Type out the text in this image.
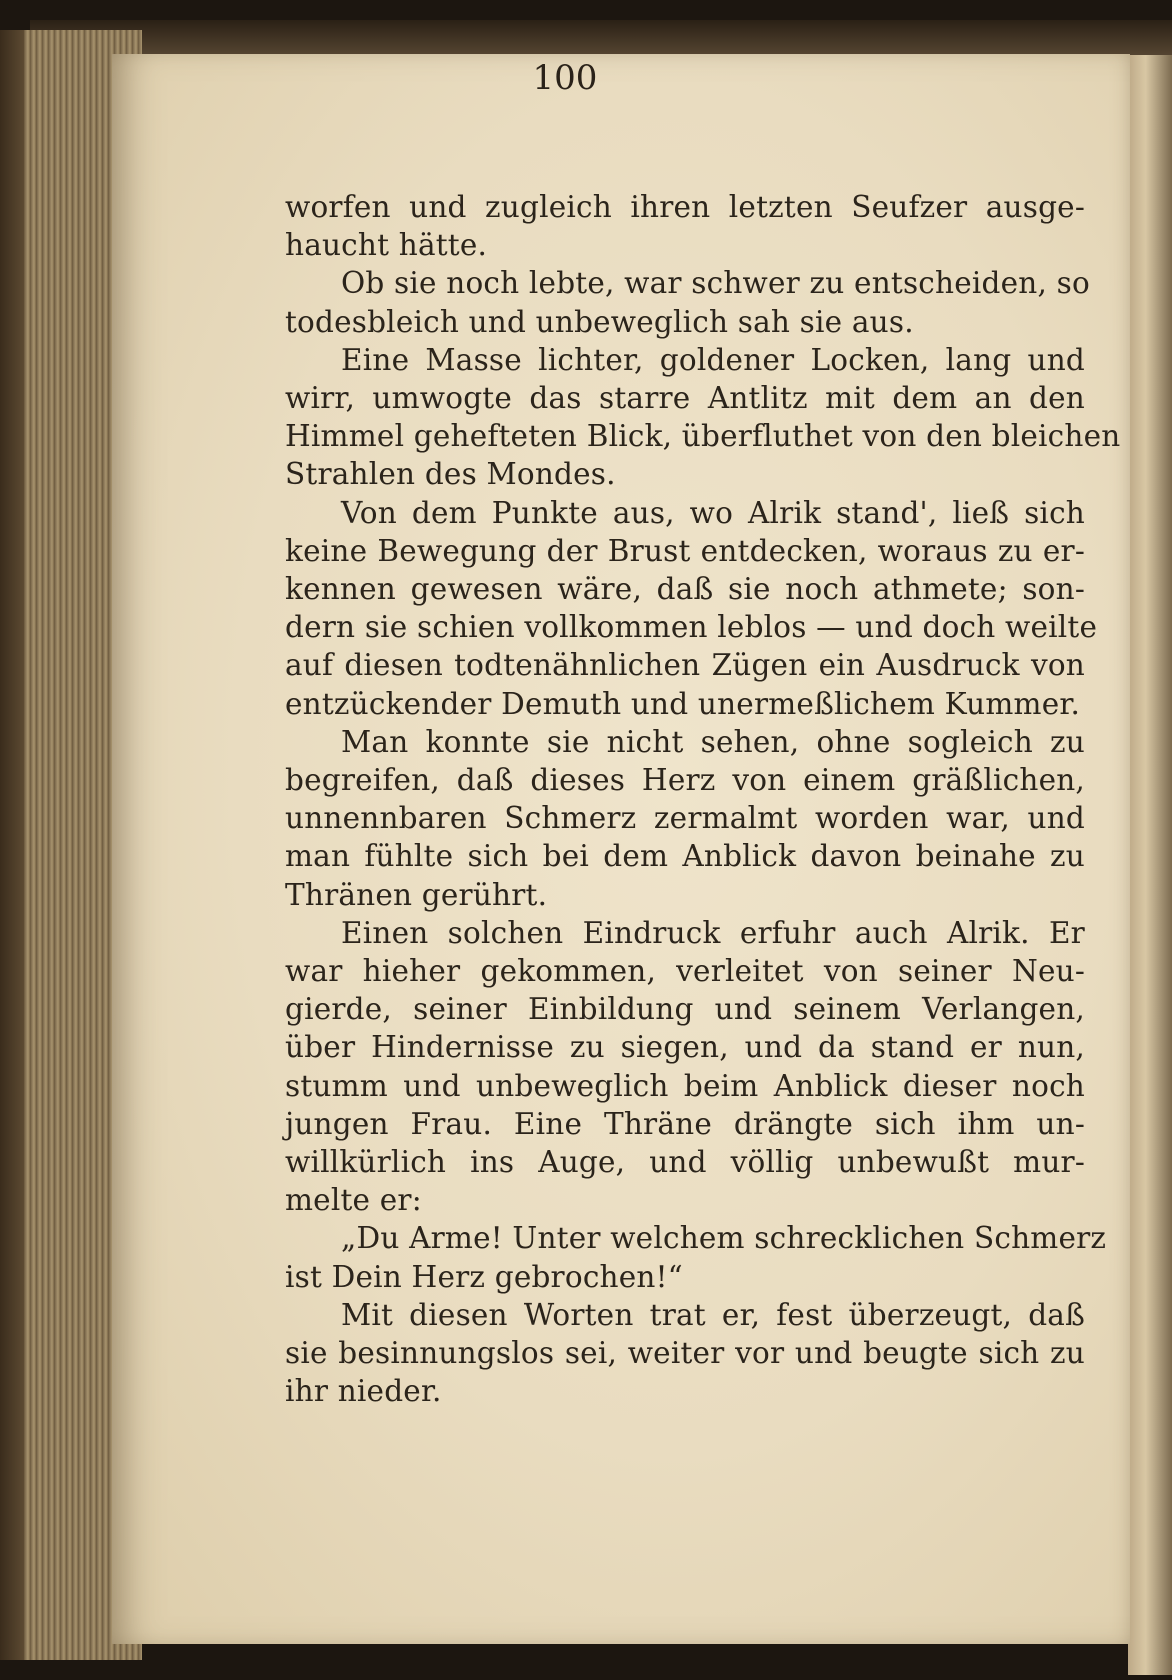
100
worfen und zugleich ihren letzten Seufzer ausge-
haucht hätte.
Ob sie noch lebte, war schwer zu entscheiden, so
todesbleich und unbeweglich sah sie aus.
Eine Masse lichter, goldener Locken, lang und
wirr, umwogte das starre Antlitz mit dem an den
Himmel gehefteten Blick, überfluthet von den bleichen
Strahlen des Mondes.
Von dem Punkte aus, wo Alrik stand', ließ sich
keine Bewegung der Brust entdecken, woraus zu er-
kennen gewesen wäre, daß sie noch athmete; son-
dern sie schien vollkommen leblos — und doch weilte
auf diesen todtenähnlichen Zügen ein Ausdruck von
entzückender Demuth und unermeßlichem Kummer.
Man konnte sie nicht sehen, ohne sogleich zu
begreifen, daß dieses Herz von einem gräßlichen,
unnennbaren Schmerz zermalmt worden war, und
man fühlte sich bei dem Anblick davon beinahe zu
Thränen gerührt.
Einen solchen Eindruck erfuhr auch Alrik. Er
war hieher gekommen, verleitet von seiner Neu-
gierde, seiner Einbildung und seinem Verlangen,
über Hindernisse zu siegen, und da stand er nun,
stumm und unbeweglich beim Anblick dieser noch
jungen Frau. Eine Thräne drängte sich ihm un-
willkürlich ins Auge, und völlig unbewußt mur-
melte er:
„Du Arme! Unter welchem schrecklichen Schmerz
ist Dein Herz gebrochen!“
Mit diesen Worten trat er, fest überzeugt, daß
sie besinnungslos sei, weiter vor und beugte sich zu
ihr nieder.
